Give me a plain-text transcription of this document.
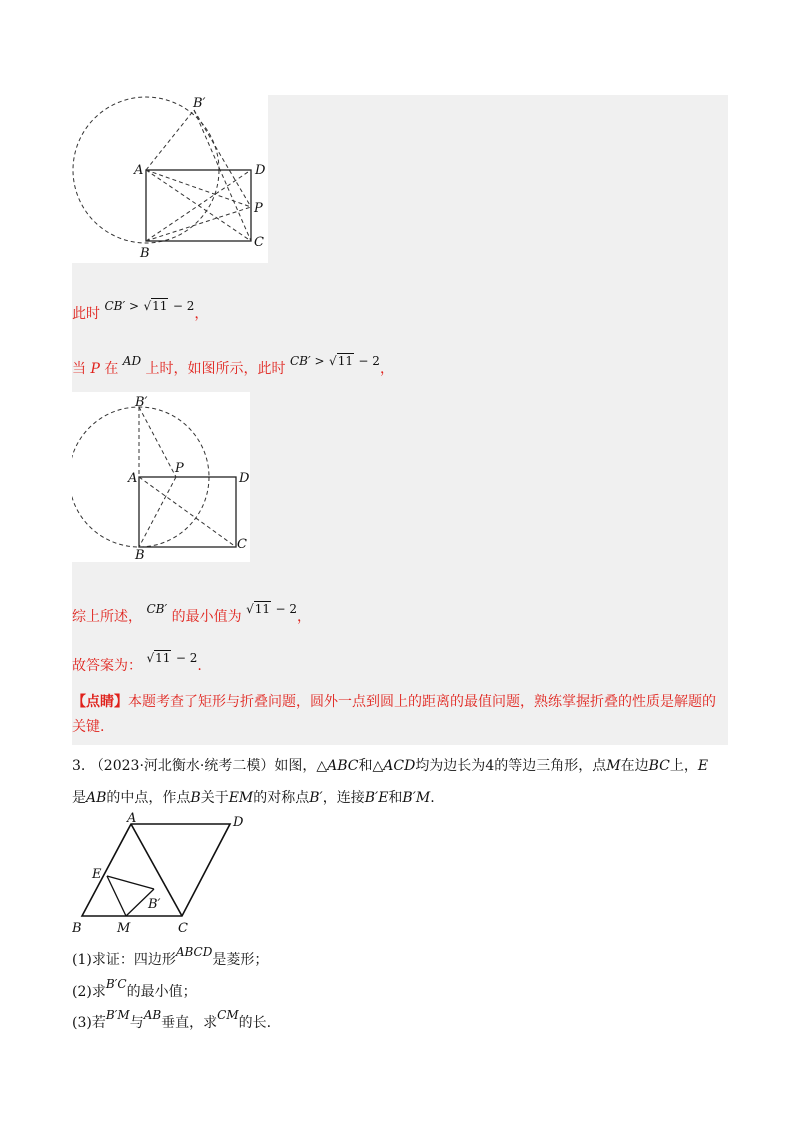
B′
A	D
P
C
B
此时 CB′ > √11 − 2，
当 P 在 AD 上时，如图所示，此时 CB′ > √11 − 2，
B′
A
P
D
C
B
综上所述， CB′ 的最小值为 √11 − 2，
故答案为： √11 − 2.
【点睛】本题考查了矩形与折叠问题，圆外一点到圆上的距离的最值问题，熟练掌握折叠的性质是解题的关键.
3. （2023·河北衡水·统考二模）如图，△ABC和△ACD均为边长为4的等边三角形，点M在边BC上，E
是AB的中点，作点B关于EM的对称点B′，连接B′E和B′M.
A	D
E
B′
B	M	C
(1)求证：四边形ABCD是菱形；
(2)求B′C的最小值；
(3)若B′M与AB垂直，求CM的长.
